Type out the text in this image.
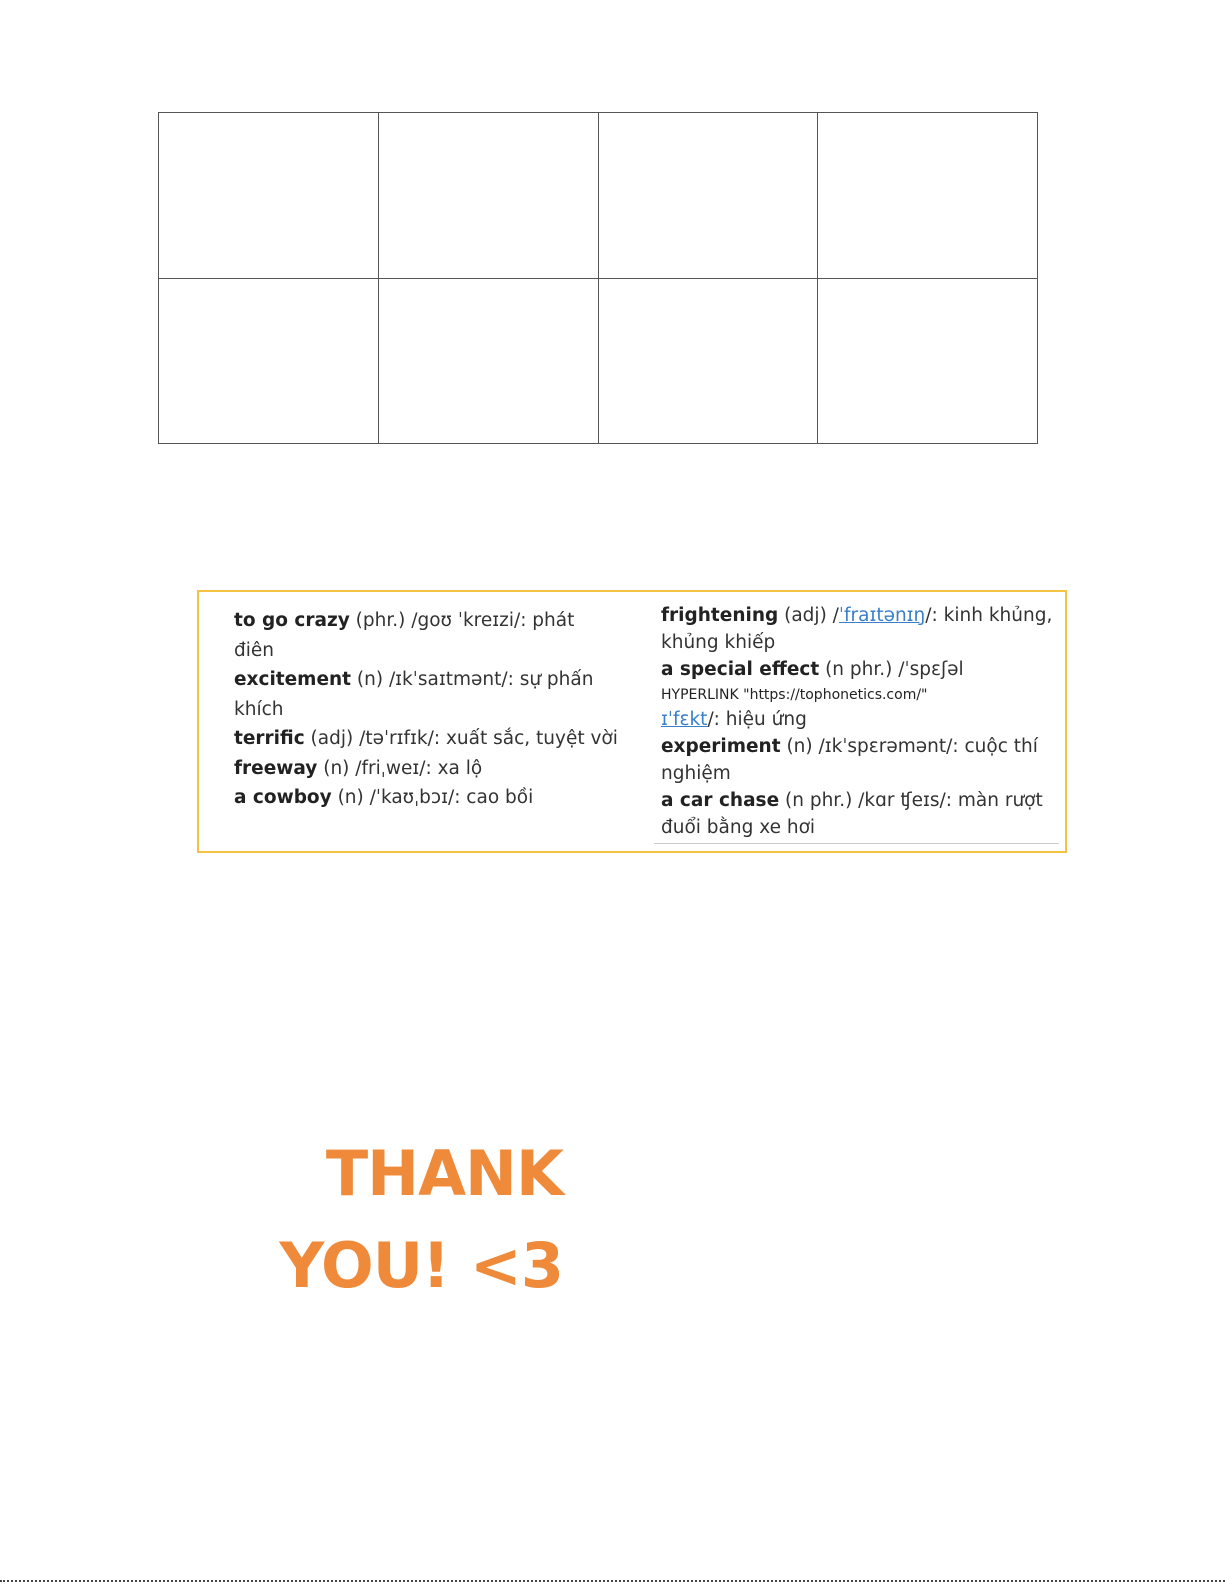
to go crazy (phr.) /goʊ ˈkreɪzi/: phát điên
excitement (n) /ɪkˈsaɪtmənt/: sự phấn khích
terrific (adj) /təˈrɪfɪk/: xuất sắc, tuyệt vời
freeway (n) /friˌweɪ/: xa lộ
a cowboy (n) /ˈkaʊˌbɔɪ/: cao bồi
frightening (adj) /ˈfraɪtənɪŋ/: kinh khủng, khủng khiếp
a special effect (n phr.) /ˈspɛʃəl
HYPERLINK "https://tophonetics.com/"
ɪˈfɛkt/: hiệu ứng
experiment (n) /ɪkˈspɛrəmənt/: cuộc thí nghiệm
a car chase (n phr.) /kɑr ʧeɪs/: màn rượt đuổi bằng xe hơi
THANK
YOU! <3
